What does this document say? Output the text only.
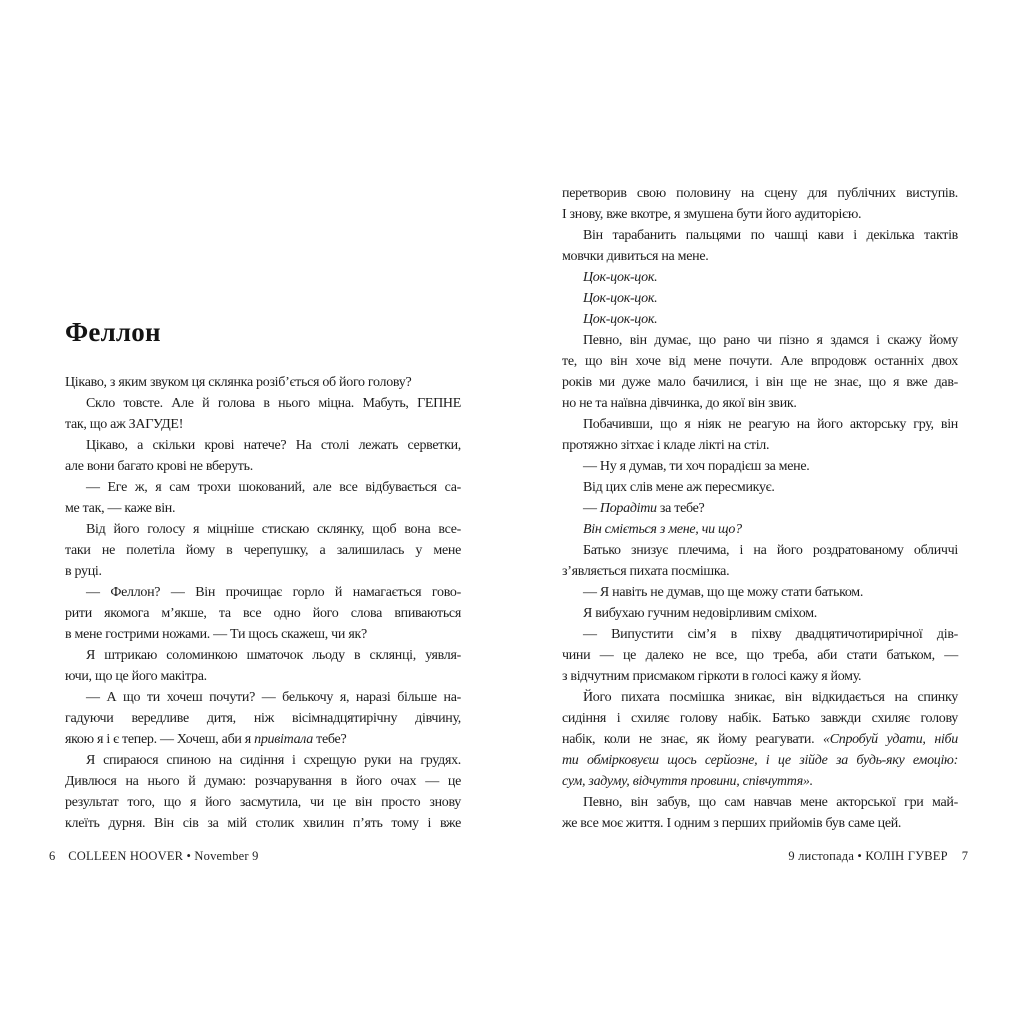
Феллон
Цікаво, з яким звуком ця склянка розіб’ється об його голову?
Скло товсте. Але й голова в нього міцна. Мабуть, ГЕПНЕ
так, що аж ЗАГУДЕ!
Цікаво, а скільки крові натече? На столі лежать серветки,
але вони багато крові не вберуть.
— Еге ж, я сам трохи шокований, але все відбувається са-
ме так, — каже він.
Від його голосу я міцніше стискаю склянку, щоб вона все-
таки не полетіла йому в черепушку, а залишилась у мене
в руці.
— Феллон? — Він прочищає горло й намагається гово-
рити якомога м’якше, та все одно його слова впиваються
в мене гострими ножами. — Ти щось скажеш, чи як?
Я штрикаю соломинкою шматочок льоду в склянці, уявля-
ючи, що це його макітра.
— А що ти хочеш почути? — белькочу я, наразі більше на-
гадуючи вередливе дитя, ніж вісімнадцятирічну дівчину,
якою я і є тепер. — Хочеш, аби я привітала тебе?
Я спираюся спиною на сидіння і схрещую руки на грудях.
Дивлюся на нього й думаю: розчарування в його очах — це
результат того, що я його засмутила, чи це він просто знову
клеїть дурня. Він сів за мій столик хвилин п’ять тому і вже
перетворив свою половину на сцену для публічних виступів.
І знову, вже вкотре, я змушена бути його аудиторією.
Він тарабанить пальцями по чашці кави і декілька тактів
мовчки дивиться на мене.
Цок-цок-цок.
Цок-цок-цок.
Цок-цок-цок.
Певно, він думає, що рано чи пізно я здамся і скажу йому
те, що він хоче від мене почути. Але впродовж останніх двох
років ми дуже мало бачилися, і він ще не знає, що я вже дав-
но не та наївна дівчинка, до якої він звик.
Побачивши, що я ніяк не реагую на його акторську гру, він
протяжно зітхає і кладе лікті на стіл.
— Ну я думав, ти хоч порадієш за мене.
Від цих слів мене аж пересмикує.
— Порадіти за тебе?
Він сміється з мене, чи що?
Батько знизує плечима, і на його роздратованому обличчі
з’являється пихата посмішка.
— Я навіть не думав, що ще можу стати батьком.
Я вибухаю гучним недовірливим сміхом.
— Випустити сім’я в піхву двадцятичотирирічної дів-
чини — це далеко не все, що треба, аби стати батьком, —
з відчутним присмаком гіркоти в голосі кажу я йому.
Його пихата посмішка зникає, він відкидається на спинку
сидіння і схиляє голову набік. Батько завжди схиляє голову
набік, коли не знає, як йому реагувати. «Спробуй удати, ніби
ти обмірковуєш щось серйозне, і це зійде за будь-яку емоцію:
сум, задуму, відчуття провини, співчуття».
Певно, він забув, що сам навчав мене акторської гри май-
же все моє життя. І одним з перших прийомів був саме цей.
6 COLLEEN HOOVER • November 9	9 листопада • КОЛІН ГУВЕР 7
